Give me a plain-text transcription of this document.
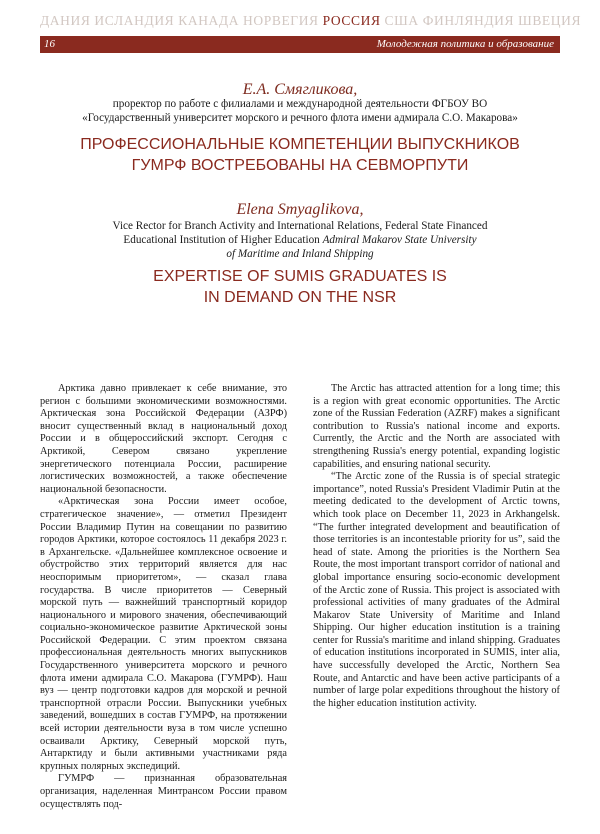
ДАНИЯ ИСЛАНДИЯ КАНАДА НОРВЕГИЯ РОССИЯ США ФИНЛЯНДИЯ ШВЕЦИЯ
16	Молодежная политика и образование
Е.А. Смягликова,
проректор по работе с филиалами и международной деятельности ФГБОУ ВО
«Государственный университет морского и речного флота имени адмирала С.О. Макарова»
ПРОФЕССИОНАЛЬНЫЕ КОМПЕТЕНЦИИ ВЫПУСКНИКОВ
ГУМРФ ВОСТРЕБОВАНЫ НА СЕВМОРПУТИ
Elena Smyaglikova,
Vice Rector for Branch Activity and International Relations, Federal State Financed
Educational Institution of Higher Education Admiral Makarov State University
of Maritime and Inland Shipping
EXPERTISE OF SUMIS GRADUATES IS
IN DEMAND ON THE NSR

Арктика давно привлекает к себе внимание, это регион с большими экономическими возможностями. Арктическая зона Российской Федерации (АЗРФ) вносит существенный вклад в национальный доход России и в общероссийский экспорт. Сегодня с Арктикой, Севером связано укрепление энергетического потенциала России, расширение логистических возможностей, а также обеспечение национальной безопасности.

«Арктическая зона России имеет особое, стратегическое значение», — отметил Президент России Владимир Путин на совещании по развитию городов Арктики, которое состоялось 11 декабря 2023 г. в Архангельске. «Дальнейшее комплексное освоение и обустройство этих территорий является для нас неоспоримым приоритетом», — сказал глава государства. В числе приоритетов — Северный морской путь — важнейший транспортный коридор национального и мирового значения, обеспечивающий социально-экономическое развитие Арктической зоны Российской Федерации. С этим проектом связана профессиональная деятельность многих выпускников Государственного университета морского и речного флота имени адмирала С.О. Макарова (ГУМРФ). Наш вуз — центр подготовки кадров для морской и речной транспортной отрасли России. Выпускники учебных заведений, вошедших в состав ГУМРФ, на протяжении всей истории деятельности вуза в том числе успешно осваивали Арктику, Северный морской путь, Антарктиду и были активными участниками ряда крупных полярных экспедиций.

ГУМРФ — признанная образовательная организация, наделенная Минтрансом России правом осуществлять под-

The Arctic has attracted attention for a long time; this is a region with great economic opportunities. The Arctic zone of the Russian Federation (AZRF) makes a significant contribution to Russia's national income and exports. Currently, the Arctic and the North are associated with strengthening Russia's energy potential, expanding logistic capabilities, and ensuring national security.

“The Arctic zone of the Russia is of special strategic importance”, noted Russia's President Vladimir Putin at the meeting dedicated to the development of Arctic towns, which took place on December 11, 2023 in Arkhangelsk. “The further integrated development and beautification of those territories is an incontestable priority for us”, said the head of state. Among the priorities is the Northern Sea Route, the most important transport corridor of national and global importance ensuring socio-economic development of the Arctic zone of Russia. This project is associated with professional activities of many graduates of the Admiral Makarov State University of Maritime and Inland Shipping. Our higher education institution is a training center for Russia's maritime and inland shipping. Graduates of education institutions incorporated in SUMIS, inter alia, have successfully developed the Arctic, Northern Sea Route, and Antarctic and have been active participants of a number of large polar expeditions throughout the history of the higher education institution activity.
